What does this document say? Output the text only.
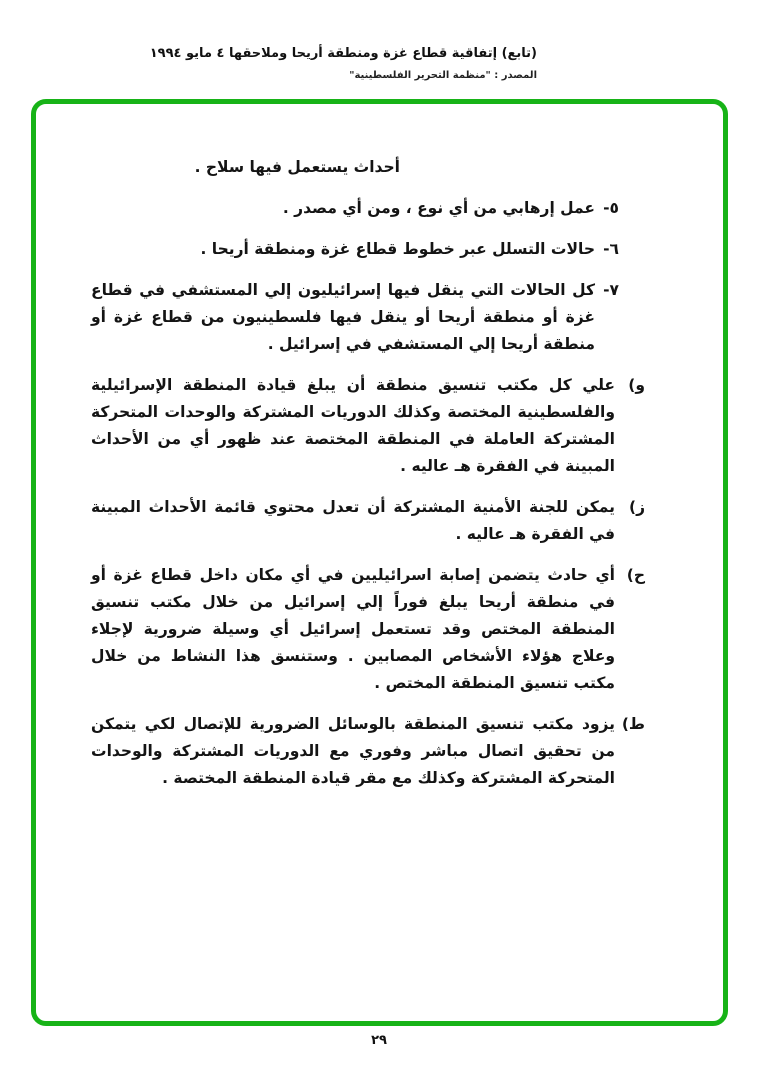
(تابع) إتفاقية قطاع غزة ومنطقة أريحا وملاحقها ٤ مايو ١٩٩٤
المصدر : "منظمة التحرير الفلسطينية"
أحداث يستعمل فيها سلاح .
٥-عمل إرهابي من أي نوع ، ومن أي مصدر .
٦-حالات التسلل عبر خطوط قطاع غزة ومنطقة أريحا .
٧-كل الحالات التي ينقل فيها إسرائيليون إلي المستشفي في قطاع غزة أو منطقة أريحا أو ينقل فيها فلسطينيون من قطاع غزة أو منطقة أريحا إلي المستشفي في إسرائيل .
و)علي كل مكتب تنسيق منطقة أن يبلغ قيادة المنطقة الإسرائيلية والفلسطينية المختصة وكذلك الدوريات المشتركة والوحدات المتحركة المشتركة العاملة في المنطقة المختصة عند ظهور أي من الأحداث المبينة في الفقرة هـ عاليه .
ز)يمكن للجنة الأمنية المشتركة أن تعدل محتوي قائمة الأحداث المبينة في الفقرة هـ عاليه .
ح)أي حادث يتضمن إصابة اسرائيليين في أي مكان داخل قطاع غزة أو في منطقة أريحا يبلغ فوراً إلي إسرائيل من خلال مكتب تنسيق المنطقة المختص وقد تستعمل إسرائيل أي وسيلة ضرورية لإجلاء وعلاج هؤلاء الأشخاص المصابين . وستنسق هذا النشاط من خلال مكتب تنسيق المنطقة المختص .
ط)يزود مكتب تنسيق المنطقة بالوسائل الضرورية للإتصال لكي يتمكن من تحقيق اتصال مباشر وفوري مع الدوريات المشتركة والوحدات المتحركة المشتركة وكذلك مع مقر قيادة المنطقة المختصة .
٢٩
